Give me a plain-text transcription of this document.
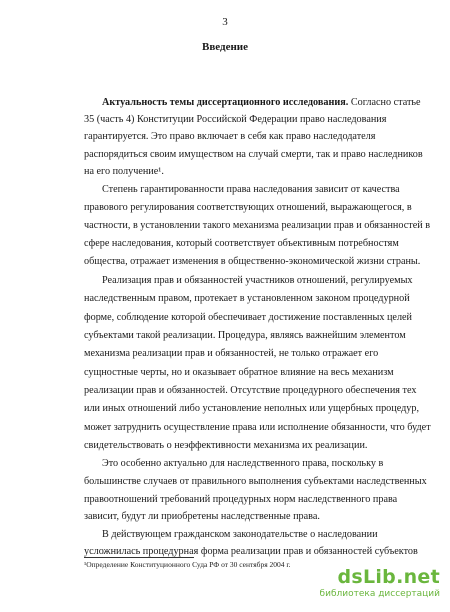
3
Введение
Актуальность темы диссертационного исследования. Согласно статье
35 (часть 4) Конституции Российской Федерации право наследования
гарантируется. Это право включает в себя как право наследодателя
распорядиться своим имуществом на случай смерти, так и право наследников
на его получение¹.
Степень гарантированности права наследования зависит от качества
правового регулирования соответствующих отношений, выражающегося, в
частности, в установлении такого механизма реализации прав и обязанностей в
сфере наследования, который соответствует объективным потребностям
общества, отражает изменения в общественно-экономической жизни страны.
Реализация прав и обязанностей участников отношений, регулируемых
наследственным правом, протекает в установленном законом процедурной
форме, соблюдение которой обеспечивает достижение поставленных целей
субъектами такой реализации. Процедура, являясь важнейшим элементом
механизма реализации прав и обязанностей, не только отражает его
сущностные черты, но и оказывает обратное влияние на весь механизм
реализации прав и обязанностей. Отсутствие процедурного обеспечения тех
или иных отношений либо установление неполных или ущербных процедур,
может затруднить осуществление права или исполнение обязанности, что будет
свидетельствовать о неэффективности механизма их реализации.
Это особенно актуально для наследственного права, поскольку в
большинстве случаев от правильного выполнения субъектами наследственных
правоотношений требований процедурных норм наследственного права
зависит, будут ли приобретены наследственные права.
В действующем гражданском законодательстве о наследовании
усложнилась процедурная форма реализации прав и обязанностей субъектов
¹Определение Конституционного Суда РФ от 30 сентября 2004 г.
dsLib.net
библиотека диссертаций
